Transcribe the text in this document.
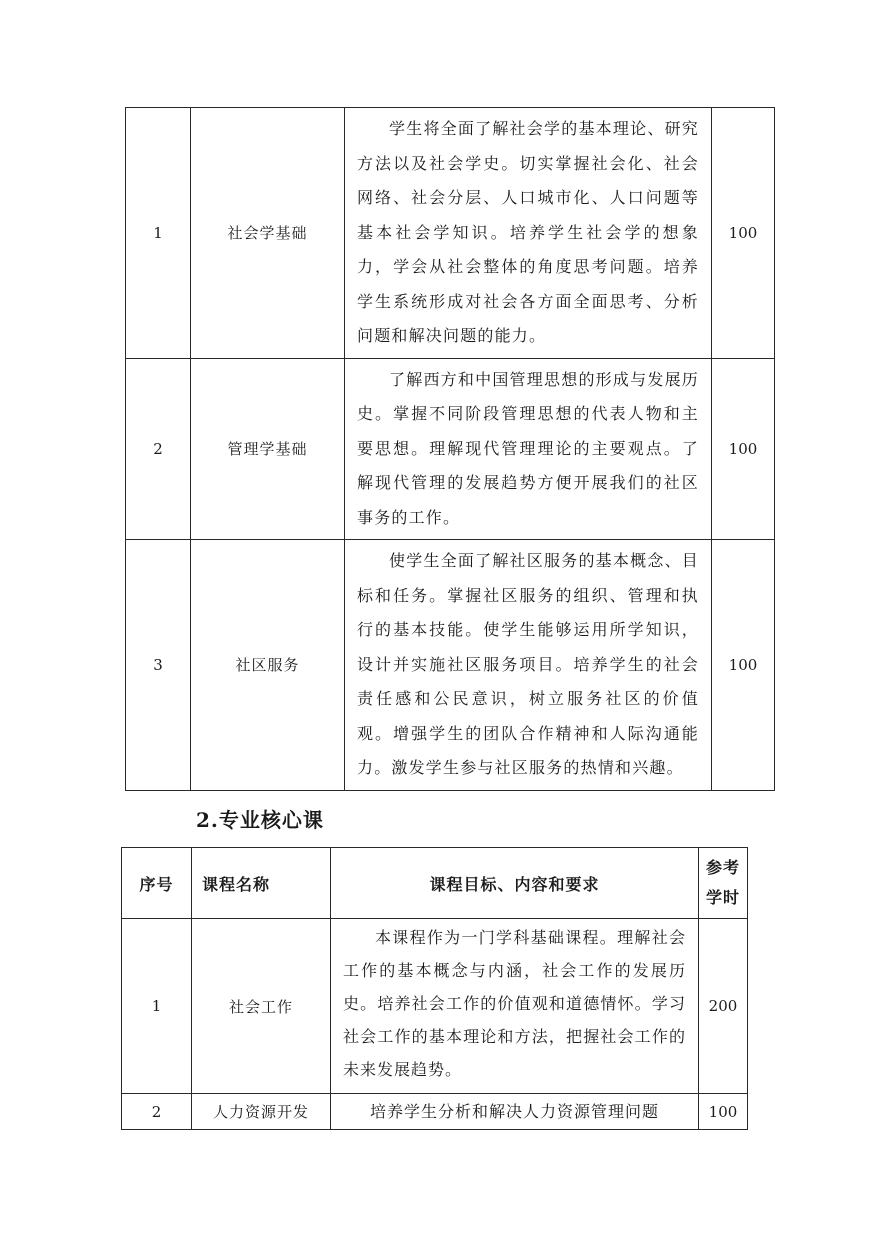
1	社会学基础	学生将全面了解社会学的基本理论、研究方法以及社会学史。切实掌握社会化、社会网络、社会分层、人口城市化、人口问题等基本社会学知识。培养学生社会学的想象力，学会从社会整体的角度思考问题。培养学生系统形成对社会各方面全面思考、分析问题和解决问题的能力。	100
2	管理学基础	了解西方和中国管理思想的形成与发展历史。掌握不同阶段管理思想的代表人物和主要思想。理解现代管理理论的主要观点。了解现代管理的发展趋势方便开展我们的社区事务的工作。	100
3	社区服务	使学生全面了解社区服务的基本概念、目标和任务。掌握社区服务的组织、管理和执行的基本技能。使学生能够运用所学知识，设计并实施社区服务项目。培养学生的社会责任感和公民意识，树立服务社区的价值观。增强学生的团队合作精神和人际沟通能力。激发学生参与社区服务的热情和兴趣。	100
2.专业核心课
序号	课程名称	课程目标、内容和要求	参考
学时
1	社会工作	本课程作为一门学科基础课程。理解社会工作的基本概念与内涵，社会工作的发展历史。培养社会工作的价值观和道德情怀。学习社会工作的基本理论和方法，把握社会工作的未来发展趋势。	200
2	人力资源开发	培养学生分析和解决人力资源管理问题	100
